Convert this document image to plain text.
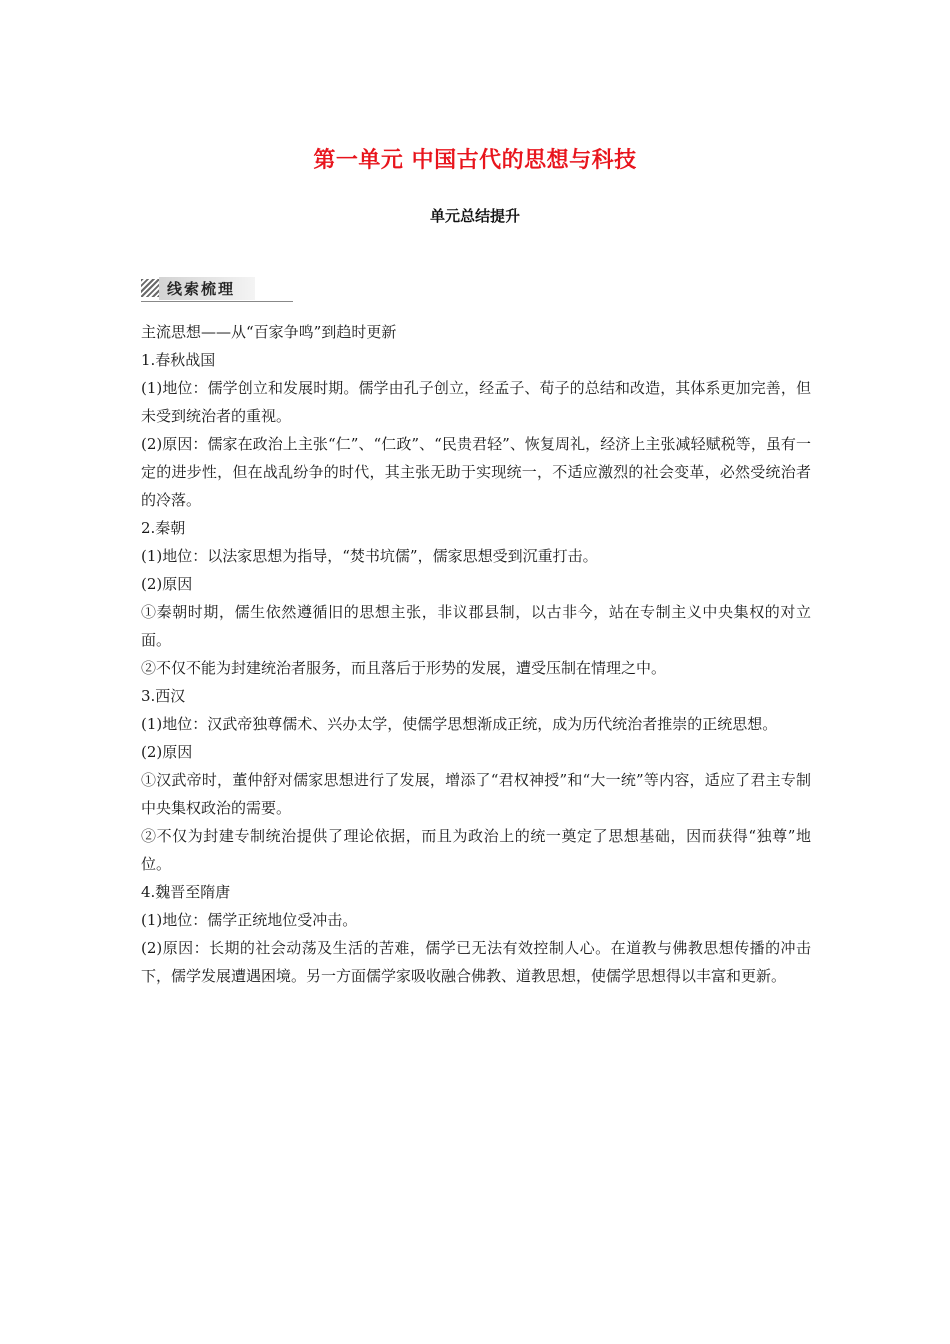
第一单元 中国古代的思想与科技
单元总结提升
线索梳理
主流思想——从“百家争鸣”到趋时更新
1.春秋战国
(1)地位：儒学创立和发展时期。儒学由孔子创立，经孟子、荀子的总结和改造，其体系更加完善，但未受到统治者的重视。
(2)原因：儒家在政治上主张“仁”、“仁政”、“民贵君轻”、恢复周礼，经济上主张减轻赋税等，虽有一定的进步性，但在战乱纷争的时代，其主张无助于实现统一，不适应激烈的社会变革，必然受统治者的冷落。
2.秦朝
(1)地位：以法家思想为指导，“焚书坑儒”，儒家思想受到沉重打击。
(2)原因
①秦朝时期，儒生依然遵循旧的思想主张，非议郡县制，以古非今，站在专制主义中央集权的对立面。
②不仅不能为封建统治者服务，而且落后于形势的发展，遭受压制在情理之中。
3.西汉
(1)地位：汉武帝独尊儒术、兴办太学，使儒学思想渐成正统，成为历代统治者推崇的正统思想。
(2)原因
①汉武帝时，董仲舒对儒家思想进行了发展，增添了“君权神授”和“大一统”等内容，适应了君主专制中央集权政治的需要。
②不仅为封建专制统治提供了理论依据，而且为政治上的统一奠定了思想基础，因而获得“独尊”地位。
4.魏晋至隋唐
(1)地位：儒学正统地位受冲击。
(2)原因：长期的社会动荡及生活的苦难，儒学已无法有效控制人心。在道教与佛教思想传播的冲击下，儒学发展遭遇困境。另一方面儒学家吸收融合佛教、道教思想，使儒学思想得以丰富和更新。
